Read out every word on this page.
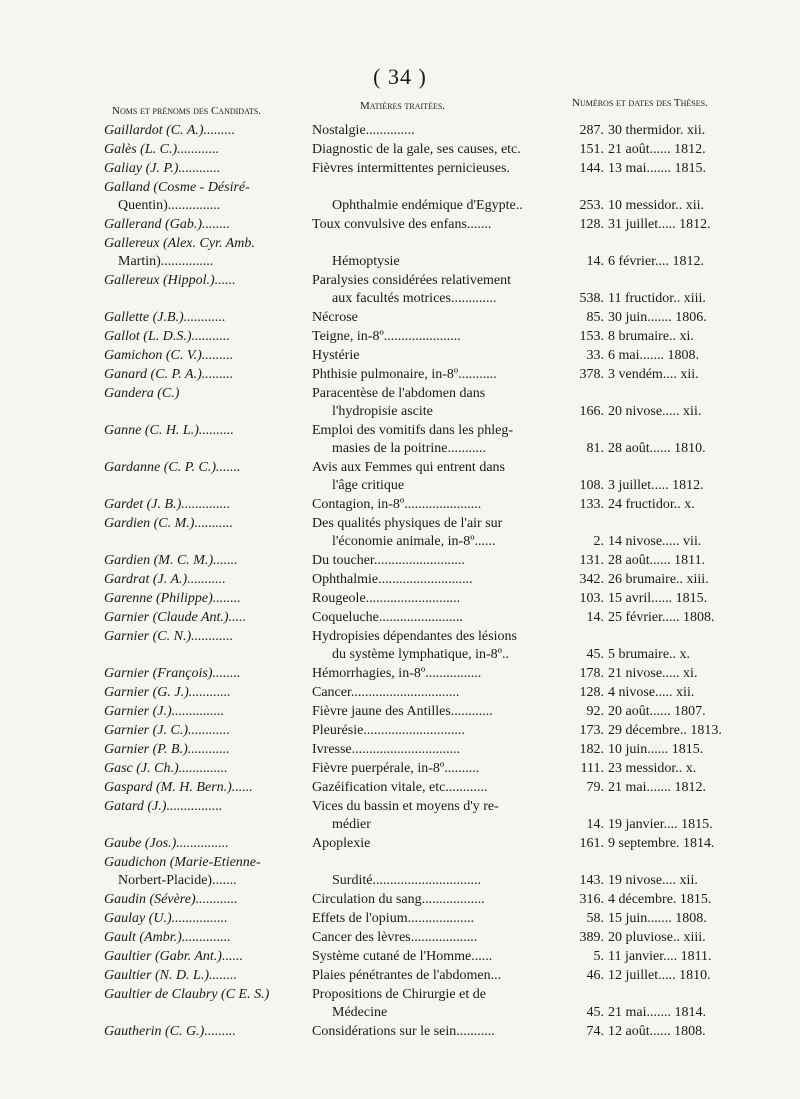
( 34 )
Noms et prénoms des Candidats.	Matières traitées.	Numéros et dates des Thèses.
Gaillardot (C. A.).........	Nostalgie..............	287. 30 thermidor. xii.
Galès (L. C.)............	Diagnostic de la gale, ses causes, etc.	151. 21 août...... 1812.
Galiay (J. P.)............	Fièvres intermittentes pernicieuses.	144. 13 mai....... 1815.
Galland (Cosme - Désiré-
Quentin)...............	Ophthalmie endémique d'Egypte..	253. 10 messidor.. xii.
Gallerand (Gab.)........	Toux convulsive des enfans.......	128. 31 juillet..... 1812.
Gallereux (Alex. Cyr. Amb.
Martin)...............	Hémoptysie	14. 6 février.... 1812.
Gallereux (Hippol.)......	Paralysies considérées relativement
aux facultés motrices.............	538. 11 fructidor.. xiii.
Gallette (J.B.)............	Nécrose	85. 30 juin....... 1806.
Gallot (L. D.S.)...........	Teigne, in-8º......................	153. 8 brumaire.. xi.
Gamichon (C. V.).........	Hystérie	33. 6 mai....... 1808.
Ganard (C. P. A.).........	Phthisie pulmonaire, in-8º...........	378. 3 vendém.... xii.
Gandera (C.)	Paracentèse de l'abdomen dans
l'hydropisie ascite	166. 20 nivose..... xii.
Ganne (C. H. L.)..........	Emploi des vomitifs dans les phleg-
masies de la poitrine...........	81. 28 août...... 1810.
Gardanne (C. P. C.).......	Avis aux Femmes qui entrent dans
l'âge critique	108. 3 juillet..... 1812.
Gardet (J. B.)..............	Contagion, in-8º......................	133. 24 fructidor.. x.
Gardien (C. M.)...........	Des qualités physiques de l'air sur
l'économie animale, in-8º......	2. 14 nivose..... vii.
Gardien (M. C. M.).......	Du toucher..........................	131. 28 août...... 1811.
Gardrat (J. A.)...........	Ophthalmie...........................	342. 26 brumaire.. xiii.
Garenne (Philippe)........	Rougeole...........................	103. 15 avril...... 1815.
Garnier (Claude Ant.).....	Coqueluche........................	14. 25 février..... 1808.
Garnier (C. N.)............	Hydropisies dépendantes des lésions
du système lymphatique, in-8º..	45. 5 brumaire.. x.
Garnier (François)........	Hémorrhagies, in-8º................	178. 21 nivose..... xi.
Garnier (G. J.)............	Cancer...............................	128. 4 nivose..... xii.
Garnier (J.)...............	Fièvre jaune des Antilles............	92. 20 août...... 1807.
Garnier (J. C.)............	Pleurésie.............................	173. 29 décembre.. 1813.
Garnier (P. B.)............	Ivresse...............................	182. 10 juin...... 1815.
Gasc (J. Ch.)..............	Fièvre puerpérale, in-8º..........	111. 23 messidor.. x.
Gaspard (M. H. Bern.)......	Gazéification vitale, etc............	79. 21 mai....... 1812.
Gatard (J.)................	Vices du bassin et moyens d'y re-
médier	14. 19 janvier.... 1815.
Gaube (Jos.)...............	Apoplexie	161. 9 septembre. 1814.
Gaudichon (Marie-Etienne-
Norbert-Placide).......	Surdité...............................	143. 19 nivose.... xii.
Gaudin (Sévère)............	Circulation du sang..................	316. 4 décembre. 1815.
Gaulay (U.)................	Effets de l'opium...................	58. 15 juin....... 1808.
Gault (Ambr.)..............	Cancer des lèvres...................	389. 20 pluviose.. xiii.
Gaultier (Gabr. Ant.)......	Système cutané de l'Homme......	5. 11 janvier.... 1811.
Gaultier (N. D. L.)........	Plaies pénétrantes de l'abdomen...	46. 12 juillet..... 1810.
Gaultier de Claubry (C E. S.)	Propositions de Chirurgie et de
Médecine	45. 21 mai....... 1814.
Gautherin (C. G.).........	Considérations sur le sein...........	74. 12 août...... 1808.
